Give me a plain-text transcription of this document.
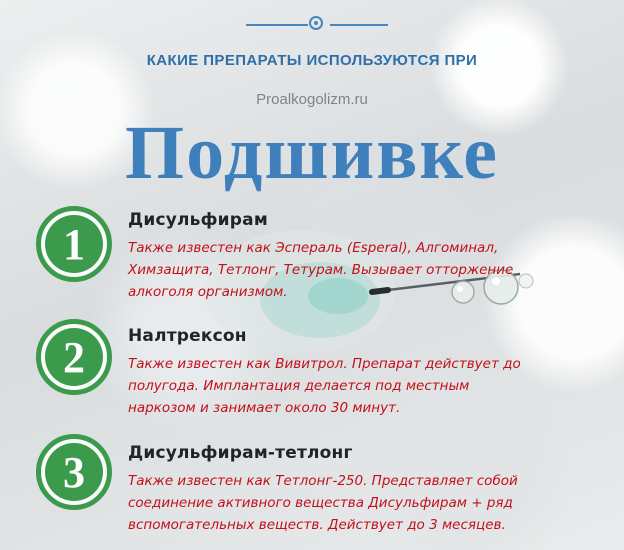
КАКИЕ ПРЕПАРАТЫ ИСПОЛЬЗУЮТСЯ ПРИ
Proalkogolizm.ru
Подшивке
1	Дисульфирам
Также известен как Эспераль (Esperal), Алгоминал,
Химзащита, Тетлонг, Тетурам. Вызывает отторжение
алкоголя организмом.
2	Налтрексон
Также известен как Вивитрол. Препарат действует до
полугода. Имплантация делается под местным
наркозом и занимает около 30 минут.
3	Дисульфирам-тетлонг
Также известен как Тетлонг-250. Представляет собой
соединение активного вещества Дисульфирам + ряд
вспомогательных веществ. Действует до 3 месяцев.
